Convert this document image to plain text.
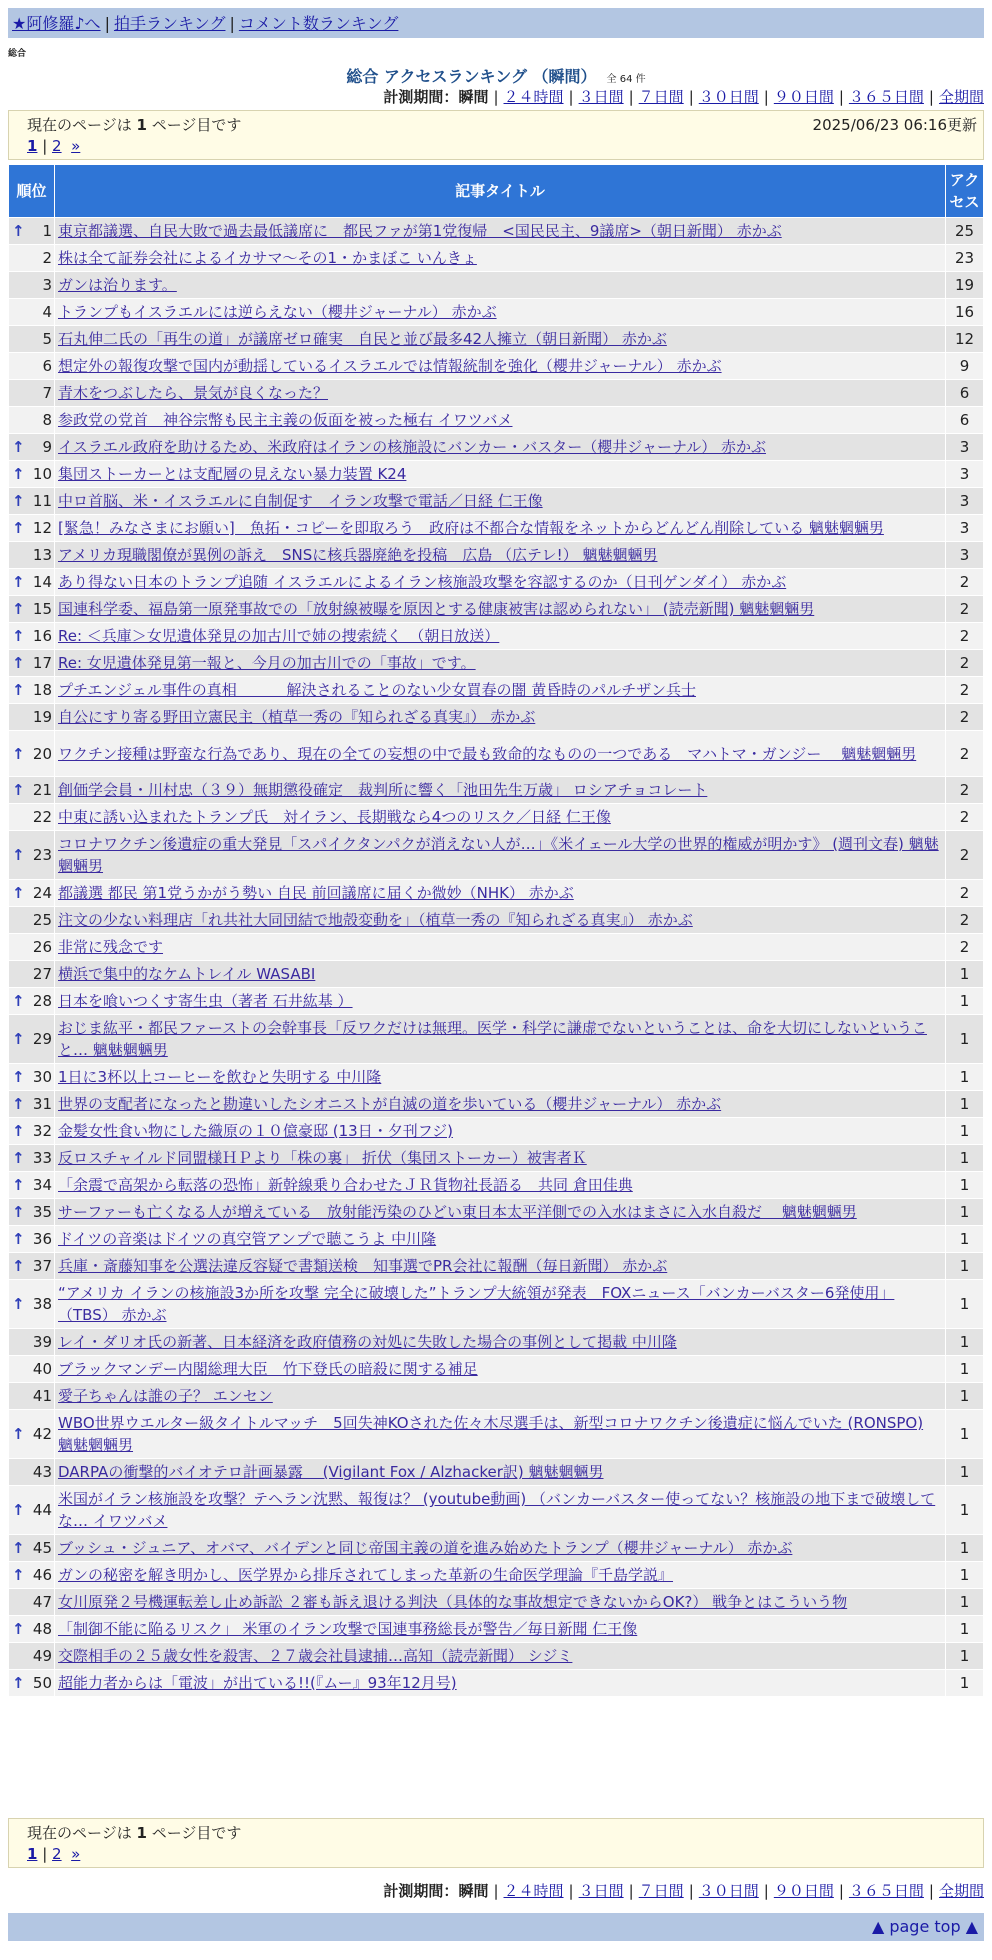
★阿修羅♪へ | 拍手ランキング | コメント数ランキング
総合
総合 アクセスランキング （瞬間） 全 64 件
計測期間：瞬間 | ２４時間 | ３日間 | ７日間 | ３０日間 | ９０日間 | ３６５日間 | 全期間
現在のページは 1 ページ目です	2025/06/23 06:16更新
1 | 2 »
順位	記事タイトル	アクセス

↑ 1	東京都議選、自民大敗で過去最低議席に　都民ファが第1党復帰　<国民民主、9議席>（朝日新聞） 赤かぶ	25
2	株は全て証券会社によるイカサマ～その1・かまぼこ いんきょ	23
3	ガンは治ります。	19
4	トランプもイスラエルには逆らえない（櫻井ジャーナル） 赤かぶ	16
5	石丸伸二氏の「再生の道」が議席ゼロ確実　自民と並び最多42人擁立（朝日新聞） 赤かぶ	12
6	想定外の報復攻撃で国内が動揺しているイスラエルでは情報統制を強化（櫻井ジャーナル） 赤かぶ	9
7	青木をつぶしたら、景気が良くなった？	6
8	参政党の党首　神谷宗幣も民主主義の仮面を被った極右 イワツバメ	6

↑ 9	イスラエル政府を助けるため、米政府はイランの核施設にバンカー・バスター（櫻井ジャーナル） 赤かぶ	3

↑ 10	集団ストーカーとは支配層の見えない暴力装置 K24	3

↑ 11	中ロ首脳、米・イスラエルに自制促す　イラン攻撃で電話／日経 仁王像	3

↑ 12	[緊急！みなさまにお願い]　魚拓・コピーを即取ろう　政府は不都合な情報をネットからどんどん削除している 魑魅魍魎男	3
13	アメリカ現職閣僚が異例の訴え　SNSに核兵器廃絶を投稿　広島 （広テレ!） 魑魅魍魎男	3

↑ 14	あり得ない日本のトランプ追随 イスラエルによるイラン核施設攻撃を容認するのか（日刊ゲンダイ） 赤かぶ	2

↑ 15	国連科学委、福島第一原発事故での「放射線被曝を原因とする健康被害は認められない」 (読売新聞) 魑魅魍魎男	2

↑ 16	Re: ＜兵庫＞女児遺体発見の加古川で姉の捜索続く　（朝日放送）	2

↑ 17	Re: 女児遺体発見第一報と、今月の加古川での「事故」です。	2

↑ 18	プチエンジェル事件の真相　　　 解決されることのない少女買春の闇 黄昏時のパルチザン兵士	2
19	自公にすり寄る野田立憲民主（植草一秀の『知られざる真実』） 赤かぶ	2

↑ 20	ワクチン接種は野蛮な行為であり、現在の全ての妄想の中で最も致命的なものの一つである　マハトマ・ガンジー　 魑魅魍魎男	2

↑ 21	創価学会員・川村忠（３９）無期懲役確定　裁判所に響く「池田先生万歳」 ロシアチョコレート	2
22	中東に誘い込まれたトランプ氏　対イラン、長期戦なら4つのリスク／日経 仁王像	2

↑ 23	コロナワクチン後遺症の重大発見「スパイクタンパクが消えない人が…」《米イェール大学の世界的権威が明かす》 (週刊文春) 魑魅魍魎男	2

↑ 24	都議選 都民 第1党うかがう勢い 自民 前回議席に届くか微妙（NHK） 赤かぶ	2
25	注文の少ない料理店「れ共社大同団結で地殻変動を」（植草一秀の『知られざる真実』） 赤かぶ	2
26	非常に残念です	2
27	横浜で集中的なケムトレイル WASABI	1

↑ 28	日本を喰いつくす寄生虫（著者 石井紘基 ）	1

↑ 29	おじま紘平・都民ファーストの会幹事長「反ワクだけは無理。医学・科学に謙虚でないということは、命を大切にしないということ… 魑魅魍魎男	1

↑ 30	1日に3杯以上コーヒーを飲むと失明する 中川隆	1

↑ 31	世界の支配者になったと勘違いしたシオニストが自滅の道を歩いている（櫻井ジャーナル） 赤かぶ	1

↑ 32	金髪女性食い物にした織原の１０億豪邸 (13日・夕刊フジ)	1

↑ 33	反ロスチャイルド同盟様ＨＰより「株の裏」 折伏（集団ストーカー）被害者Ｋ	1

↑ 34	「余震で高架から転落の恐怖」新幹線乗り合わせたＪＲ貨物社長語る　共同 倉田佳典	1

↑ 35	サーファーも亡くなる人が増えている　放射能汚染のひどい東日本太平洋側での入水はまさに入水自殺だ　 魑魅魍魎男	1

↑ 36	ドイツの音楽はドイツの真空管アンプで聴こうよ 中川隆	1

↑ 37	兵庫・斎藤知事を公選法違反容疑で書類送検　知事選でPR会社に報酬（毎日新聞） 赤かぶ	1

↑ 38	“アメリカ イランの核施設3か所を攻撃 完全に破壊した”トランプ大統領が発表　FOXニュース「バンカーバスター6発使用」（TBS） 赤かぶ	1
39	レイ・ダリオ氏の新著、日本経済を政府債務の対処に失敗した場合の事例として掲載 中川隆	1
40	ブラックマンデー内閣総理大臣　竹下登氏の暗殺に関する補足	1
41	愛子ちゃんは誰の子？ エンセン	1

↑ 42	WBO世界ウエルター級タイトルマッチ　5回失神KOされた佐々木尽選手は、新型コロナワクチン後遺症に悩んでいた (RONSPO) 魑魅魍魎男	1
43	DARPAの衝撃的バイオテロ計画暴露　 (Vigilant Fox / Alzhacker訳) 魑魅魍魎男	1

↑ 44	米国がイラン核施設を攻撃？テヘラン沈黙、報復は？ (youtube動画) （バンカーバスター使ってない？核施設の地下まで破壊してな… イワツバメ	1

↑ 45	ブッシュ・ジュニア、オバマ、バイデンと同じ帝国主義の道を進み始めたトランプ（櫻井ジャーナル） 赤かぶ	1

↑ 46	ガンの秘密を解き明かし、医学界から排斥されてしまった革新の生命医学理論『千島学説』	1
47	女川原発２号機運転差し止め訴訟 ２審も訴え退ける判決（具体的な事故想定できないからOK?） 戦争とはこういう物	1

↑ 48	「制御不能に陥るリスク」 米軍のイラン攻撃で国連事務総長が警告／毎日新聞 仁王像	1
49	交際相手の２５歳女性を殺害、２７歳会社員逮捕…高知（読売新聞） シジミ	1

↑ 50	超能力者からは「電波」が出ている!!(『ムー』93年12月号)	1
現在のページは 1 ページ目です
1 | 2 »
計測期間：瞬間 | ２４時間 | ３日間 | ７日間 | ３０日間 | ９０日間 | ３６５日間 | 全期間
▲ page top ▲
